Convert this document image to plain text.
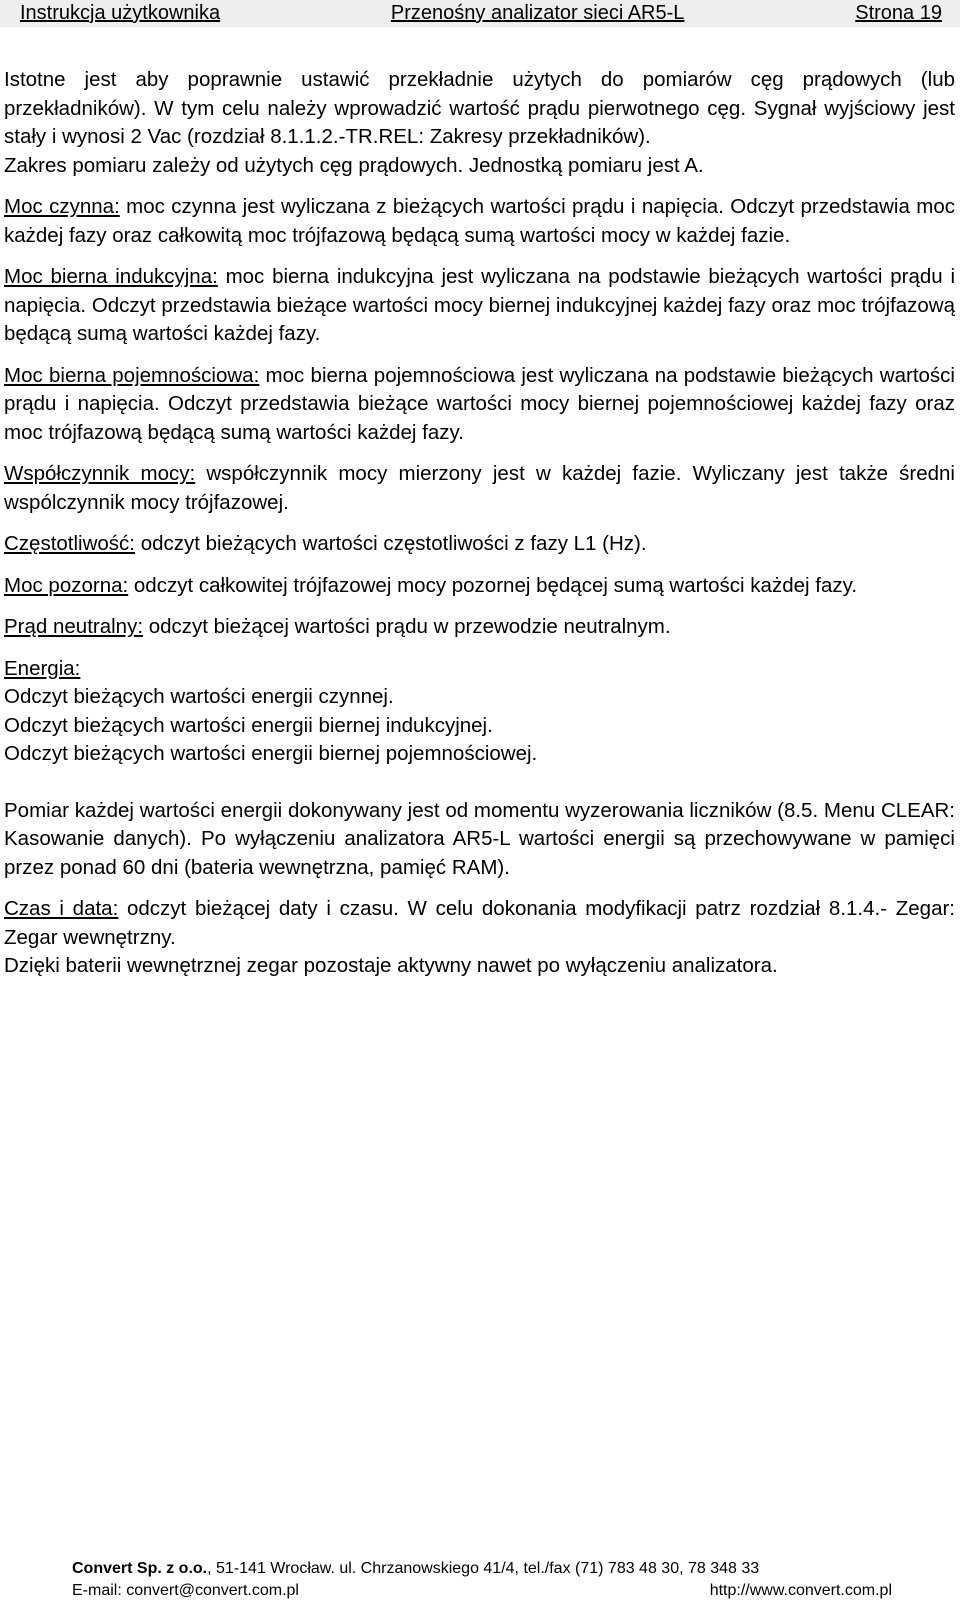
Instrukcja użytkownika	Przenośny analizator sieci AR5-L	Strona 19

Istotne jest aby poprawnie ustawić przekładnie użytych do pomiarów cęg prądowych (lub przekładników). W tym celu należy wprowadzić wartość prądu pierwotnego cęg. Sygnał wyjściowy jest stały i wynosi 2 Vac (rozdział 8.1.1.2.-TR.REL: Zakresy przekładników).

Zakres pomiaru zależy od użytych cęg prądowych. Jednostką pomiaru jest A.

Moc czynna: moc czynna jest wyliczana z bieżących wartości prądu i napięcia. Odczyt przedstawia moc każdej fazy oraz całkowitą moc trójfazową będącą sumą wartości mocy w każdej fazie.

Moc bierna indukcyjna: moc bierna indukcyjna jest wyliczana na podstawie bieżących wartości prądu i napięcia. Odczyt przedstawia bieżące wartości mocy biernej indukcyjnej każdej fazy oraz moc trójfazową będącą sumą wartości każdej fazy.

Moc bierna pojemnościowa: moc bierna pojemnościowa jest wyliczana na podstawie bieżących wartości prądu i napięcia. Odczyt przedstawia bieżące wartości mocy biernej pojemnościowej każdej fazy oraz moc trójfazową będącą sumą wartości każdej fazy.

Współczynnik mocy: współczynnik mocy mierzony jest w każdej fazie. Wyliczany jest także średni wspólczynnik mocy trójfazowej.

Częstotliwość: odczyt bieżących wartości częstotliwości z fazy L1 (Hz).

Moc pozorna: odczyt całkowitej trójfazowej mocy pozornej będącej sumą wartości każdej fazy.

Prąd neutralny: odczyt bieżącej wartości prądu w przewodzie neutralnym.

Energia:

Odczyt bieżących wartości energii czynnej.

Odczyt bieżących wartości energii biernej indukcyjnej.

Odczyt bieżących wartości energii biernej pojemnościowej.

Pomiar każdej wartości energii dokonywany jest od momentu wyzerowania liczników (8.5. Menu CLEAR: Kasowanie danych). Po wyłączeniu analizatora AR5-L wartości energii są przechowywane w pamięci przez ponad 60 dni (bateria wewnętrzna, pamięć RAM).

Czas i data: odczyt bieżącej daty i czasu. W celu dokonania modyfikacji patrz rozdział 8.1.4.- Zegar: Zegar wewnętrzny.

Dzięki baterii wewnętrznej zegar pozostaje aktywny nawet po wyłączeniu analizatora.

Convert Sp. z o.o., 51-141 Wrocław. ul. Chrzanowskiego 41/4, tel./fax (71) 783 48 30, 78 348 33
E-mail: convert@convert.com.pl	http://www.convert.com.pl
